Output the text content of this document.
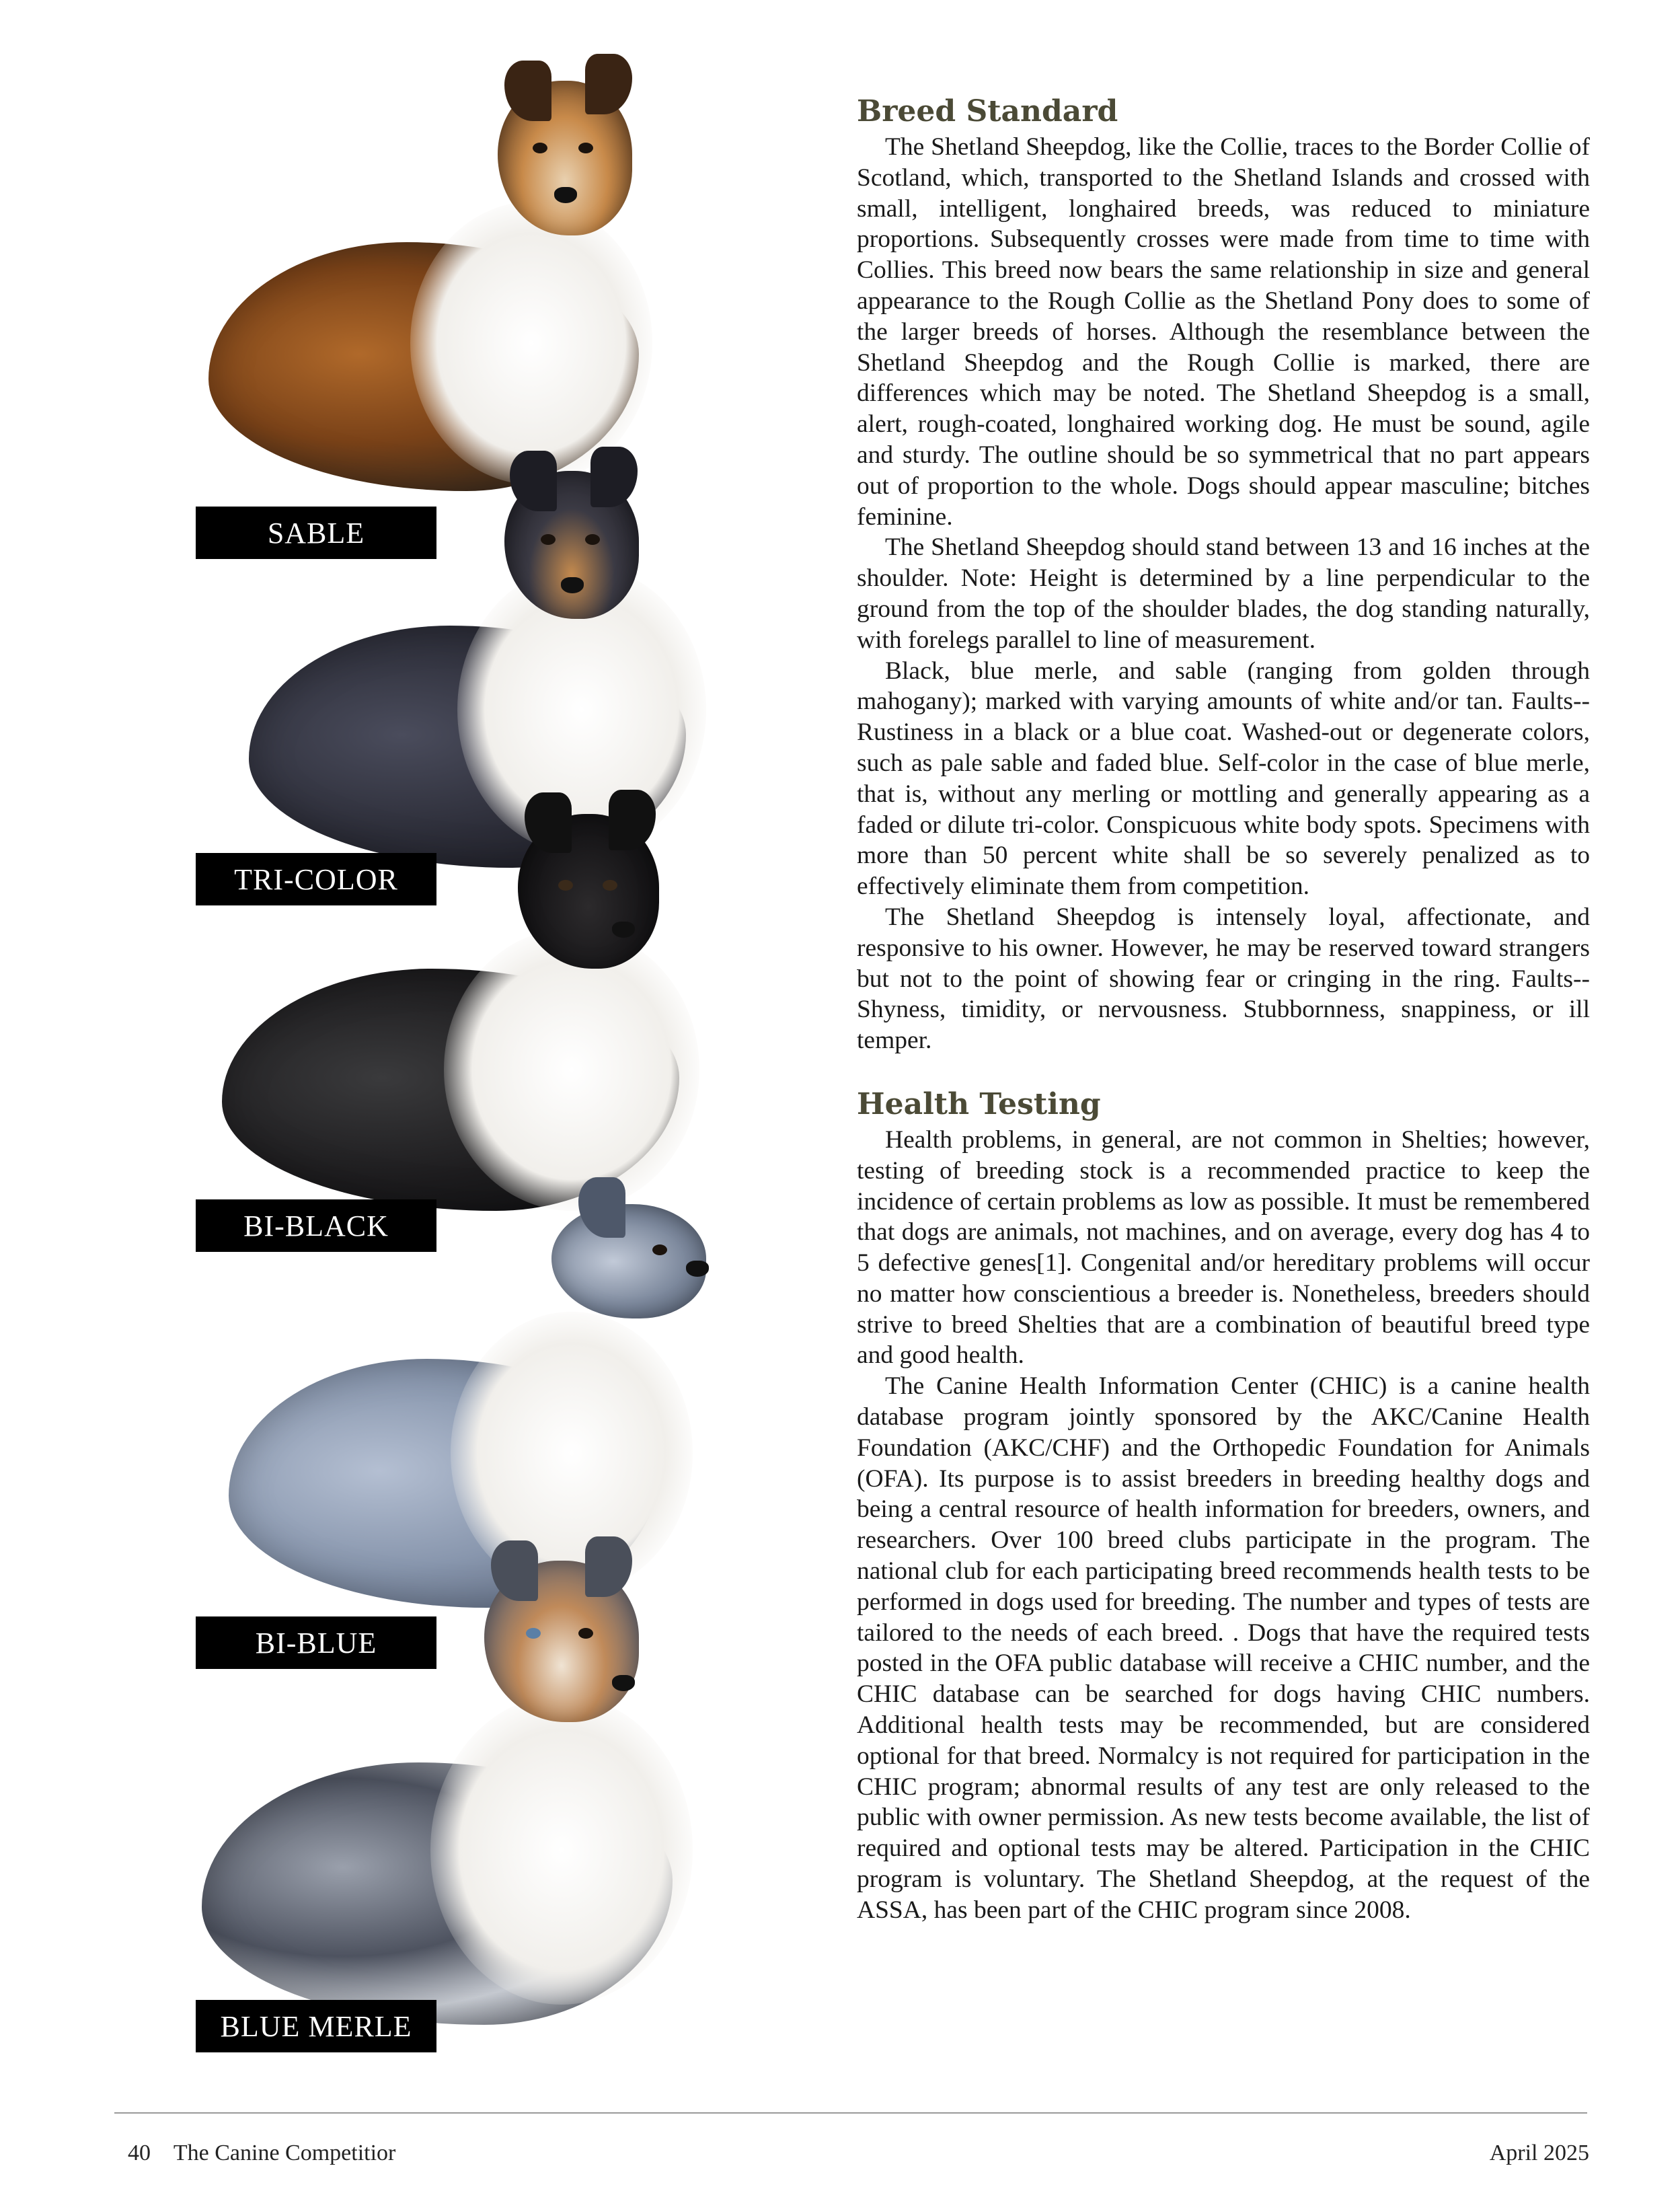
SABLE
TRI-COLOR
BI-BLACK
BI-BLUE
BLUE MERLE
Breed Standard

The Shetland Sheepdog, like the Collie, traces to the Border Collie of Scotland, which, transported to the Shetland Islands and crossed with small, intelligent, longhaired breeds, was reduced to miniature proportions. Subsequently crosses were made from time to time with Collies. This breed now bears the same relationship in size and general appearance to the Rough Collie as the Shetland Pony does to some of the larger breeds of horses. Although the resemblance between the Shetland Sheepdog and the Rough Collie is marked, there are differences which may be noted. The Shetland Sheepdog is a small, alert, rough-coated, longhaired working dog. He must be sound, agile and sturdy. The outline should be so symmetrical that no part appears out of proportion to the whole. Dogs should appear masculine; bitches feminine.

The Shetland Sheepdog should stand between 13 and 16 inches at the shoulder. Note: Height is determined by a line perpendicular to the ground from the top of the shoulder blades, the dog standing naturally, with forelegs parallel to line of measurement.

Black, blue merle, and sable (ranging from golden through mahogany); marked with varying amounts of white and/or tan. Faults-- Rustiness in a black or a blue coat. Washed-out or degenerate colors, such as pale sable and faded blue. Self-color in the case of blue merle, that is, without any merling or mottling and generally appearing as a faded or dilute tri-color. Conspicuous white body spots. Specimens with more than 50 percent white shall be so severely penalized as to effectively eliminate them from competition.

The Shetland Sheepdog is intensely loyal, affectionate, and responsive to his owner. However, he may be reserved toward strangers but not to the point of showing fear or cringing in the ring. Faults-- Shyness, timidity, or nervousness. Stubbornness, snappiness, or ill temper.

Health Testing

Health problems, in general, are not common in Shelties; however, testing of breeding stock is a recommended practice to keep the incidence of certain problems as low as possible. It must be remembered that dogs are animals, not machines, and on average, every dog has 4 to 5 defective genes[1]. Congenital and/or hereditary problems will occur no matter how conscientious a breeder is. Nonetheless, breeders should strive to breed Shelties that are a combination of beautiful breed type and good health.

The Canine Health Information Center (CHIC) is a canine health database program jointly sponsored by the AKC/Canine Health Foundation (AKC/CHF) and the Orthopedic Foundation for Animals (OFA). Its purpose is to assist breeders in breeding healthy dogs and being a central resource of health information for breeders, owners, and researchers. Over 100 breed clubs participate in the program. The national club for each participating breed recommends health tests to be performed in dogs used for breeding. The number and types of tests are tailored to the needs of each breed. . Dogs that have the required tests posted in the OFA public database will receive a CHIC number, and the CHIC database can be searched for dogs having CHIC numbers. Additional health tests may be recommended, but are considered optional for that breed. Normalcy is not required for participation in the CHIC program; abnormal results of any test are only released to the public with owner permission. As new tests become available, the list of required and optional tests may be altered. Participation in the CHIC program is voluntary. The Shetland Sheepdog, at the request of the ASSA, has been part of the CHIC program since 2008.

40 The Canine Competitior	April 2025
